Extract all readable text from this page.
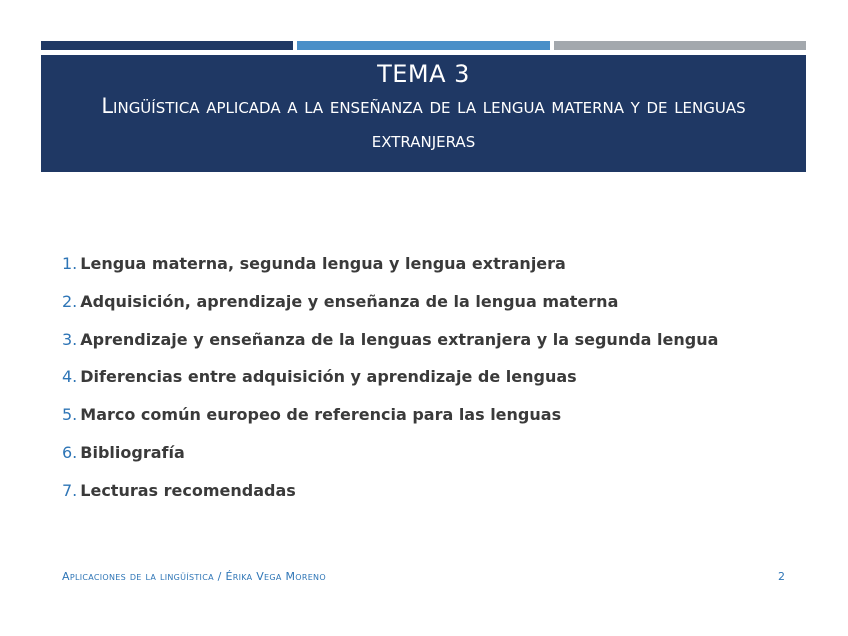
TEMA 3
Lingüística aplicada a la enseñanza de la lengua materna y de lenguas extranjeras
1. Lengua materna, segunda lengua y lengua extranjera
2. Adquisición, aprendizaje y enseñanza de la lengua materna
3. Aprendizaje y enseñanza de la lenguas extranjera y la segunda lengua
4. Diferencias entre adquisición y aprendizaje de lenguas
5. Marco común europeo de referencia para las lenguas
6. Bibliografía
7. Lecturas recomendadas
Aplicaciones de la lingüística / Érika Vega Moreno	2
